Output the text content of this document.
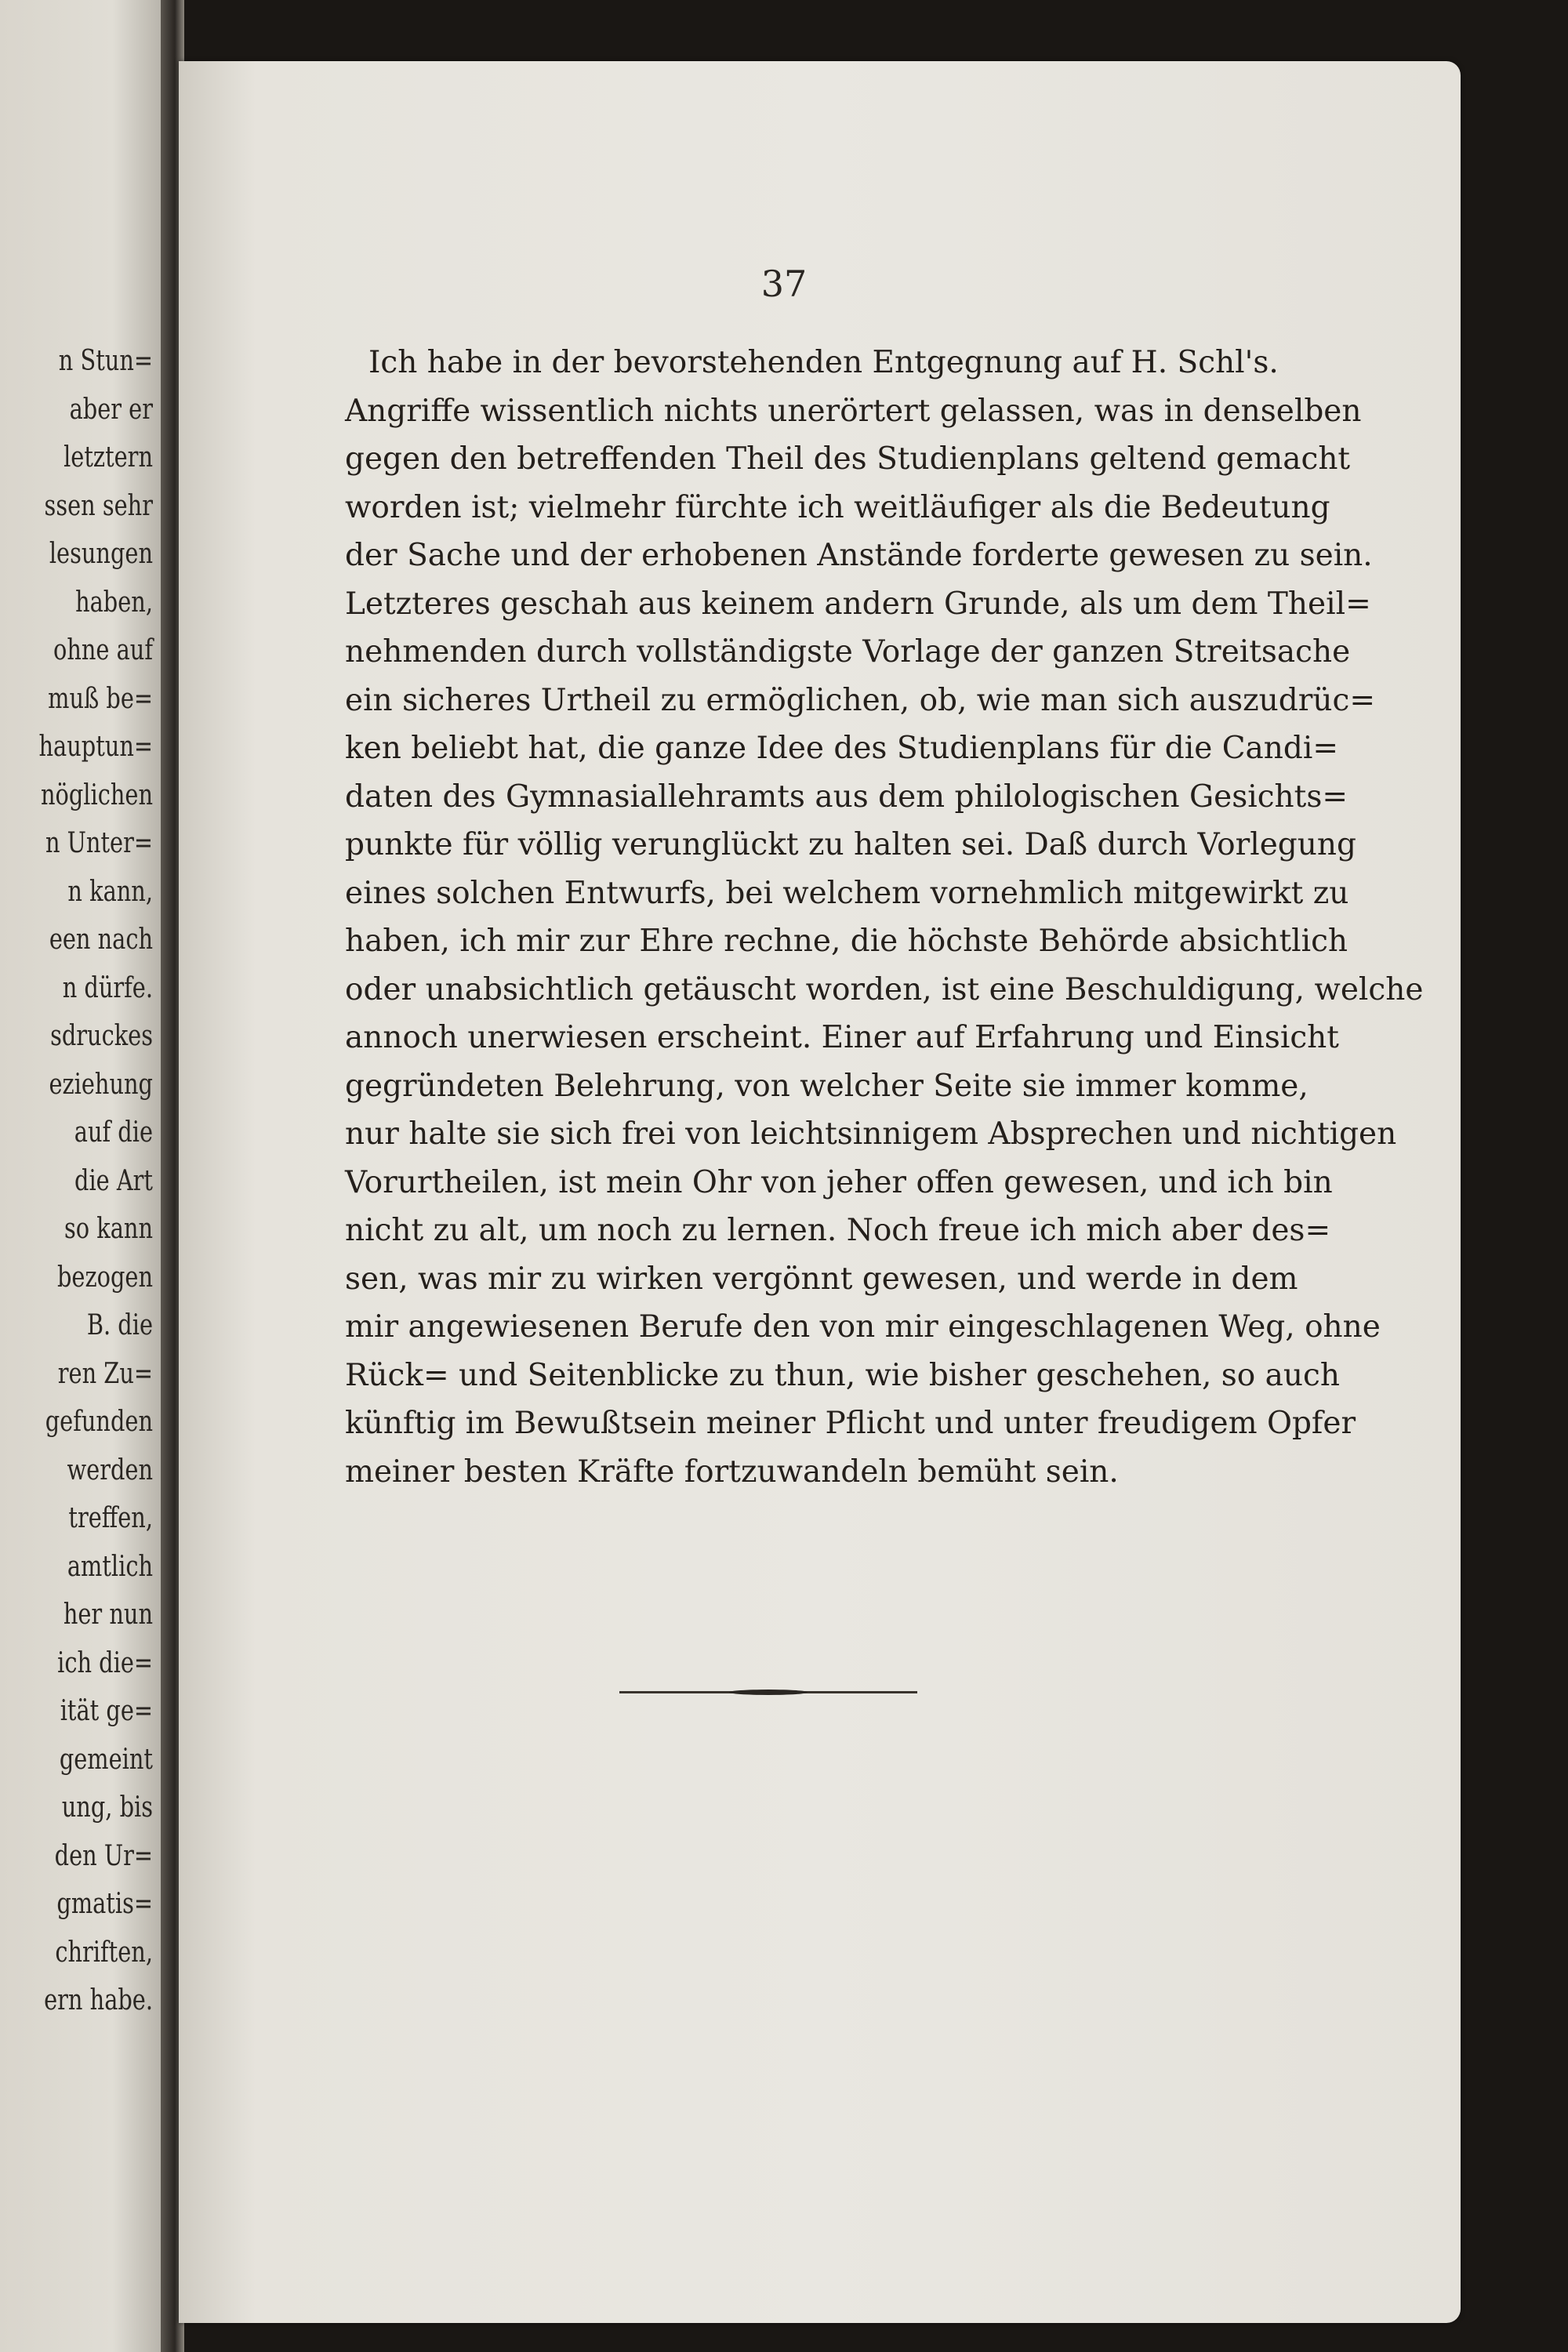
n Stun=
aber er
letztern
ssen sehr
lesungen
haben,
ohne auf
muß be=
hauptun=
nöglichen
n Unter=
n kann,
een nach
n dürfe.
sdruckes
eziehung
auf die
die Art
so kann
bezogen
B. die
ren Zu=
gefunden
werden
treffen,
amtlich
her nun
ich die=
ität ge=
gemeint
ung, bis
den Ur=
gmatis=
chriften,
ern habe.
37
Ich habe in der bevorstehenden Entgegnung auf H. Schl's.
Angriffe wissentlich nichts unerörtert gelassen, was in denselben
gegen den betreffenden Theil des Studienplans geltend gemacht
worden ist; vielmehr fürchte ich weitläufiger als die Bedeutung
der Sache und der erhobenen Anstände forderte gewesen zu sein.
Letzteres geschah aus keinem andern Grunde, als um dem Theil=
nehmenden durch vollständigste Vorlage der ganzen Streitsache
ein sicheres Urtheil zu ermöglichen, ob, wie man sich auszudrüc=
ken beliebt hat, die ganze Idee des Studienplans für die Candi=
daten des Gymnasiallehramts aus dem philologischen Gesichts=
punkte für völlig verunglückt zu halten sei. Daß durch Vorlegung
eines solchen Entwurfs, bei welchem vornehmlich mitgewirkt zu
haben, ich mir zur Ehre rechne, die höchste Behörde absichtlich
oder unabsichtlich getäuscht worden, ist eine Beschuldigung, welche
annoch unerwiesen erscheint. Einer auf Erfahrung und Einsicht
gegründeten Belehrung, von welcher Seite sie immer komme,
nur halte sie sich frei von leichtsinnigem Absprechen und nichtigen
Vorurtheilen, ist mein Ohr von jeher offen gewesen, und ich bin
nicht zu alt, um noch zu lernen. Noch freue ich mich aber des=
sen, was mir zu wirken vergönnt gewesen, und werde in dem
mir angewiesenen Berufe den von mir eingeschlagenen Weg, ohne
Rück= und Seitenblicke zu thun, wie bisher geschehen, so auch
künftig im Bewußtsein meiner Pflicht und unter freudigem Opfer
meiner besten Kräfte fortzuwandeln bemüht sein.
